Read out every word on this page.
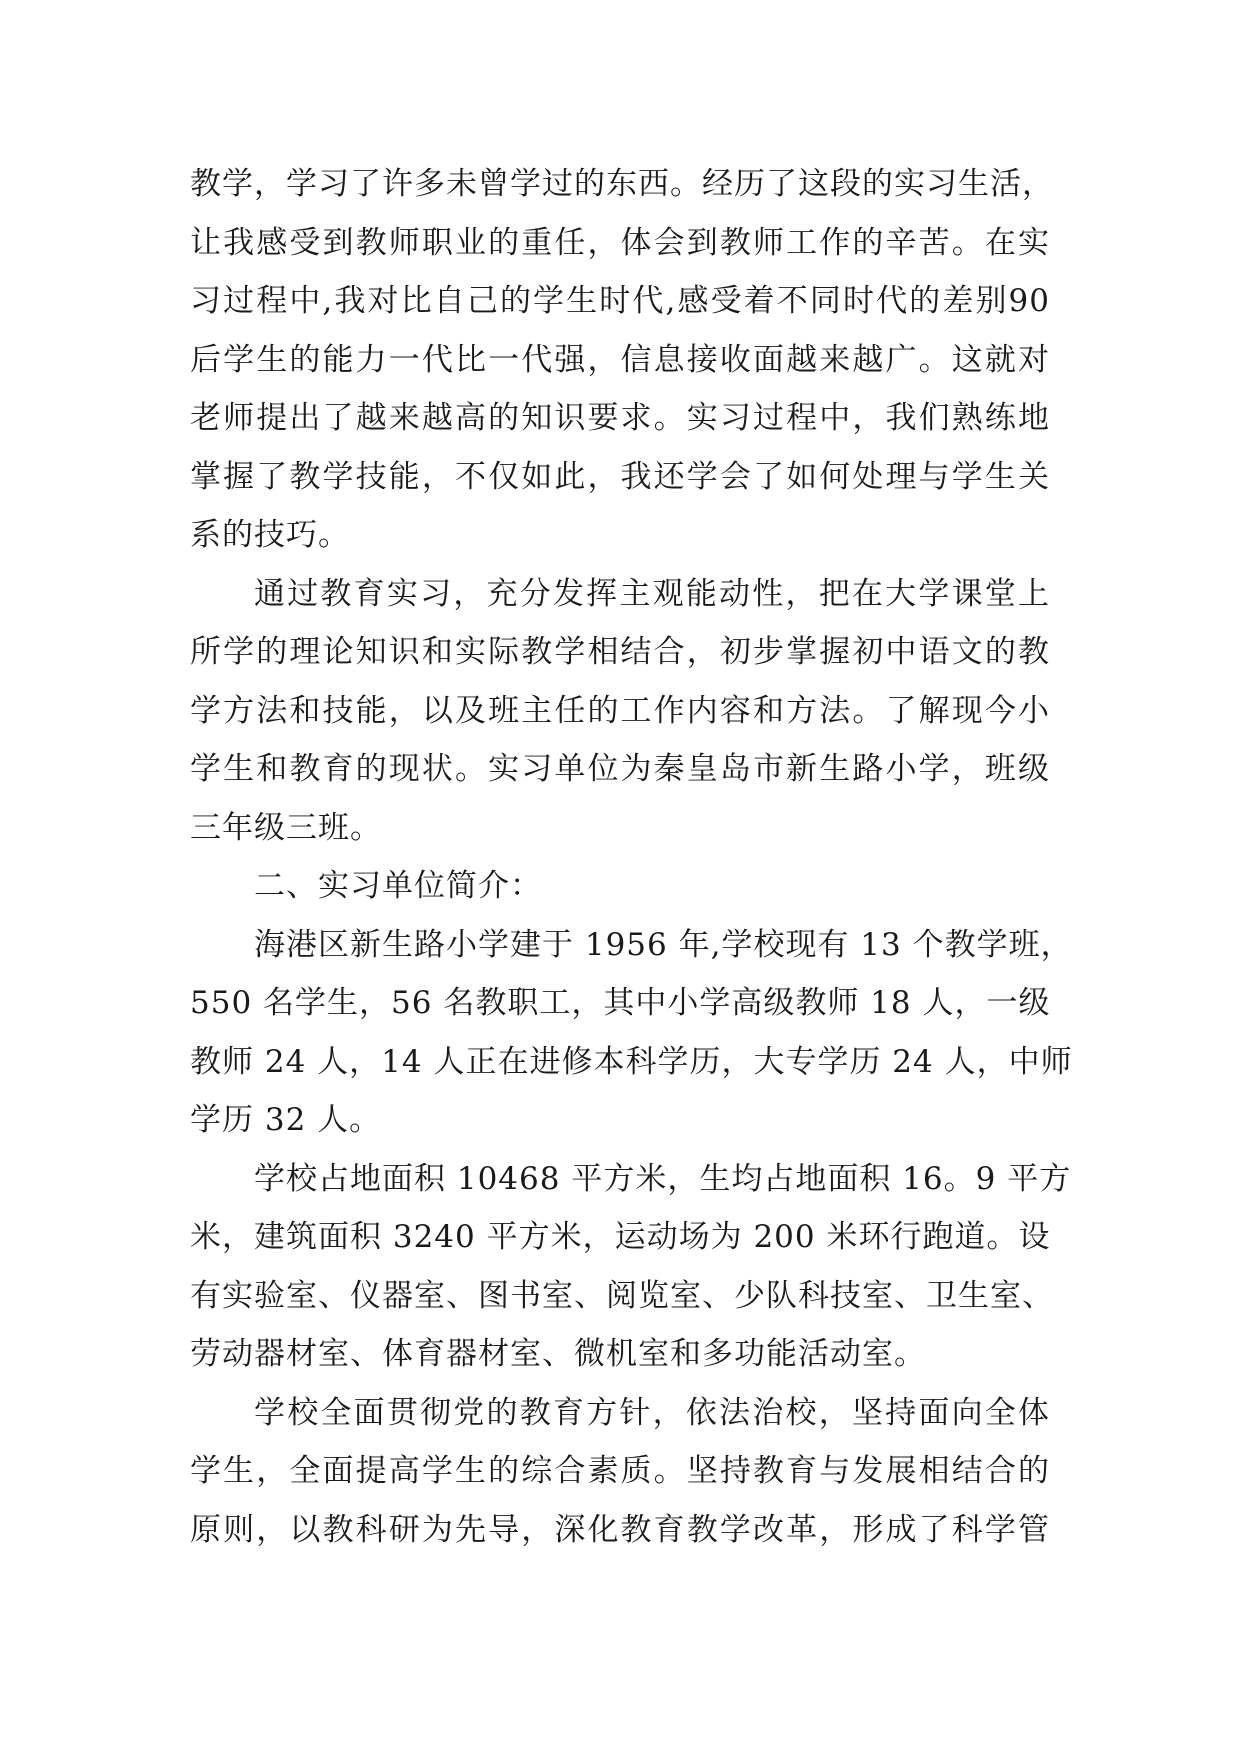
教学，学习了许多未曾学过的东西。经历了这段的实习生活，
让我感受到教师职业的重任，体会到教师工作的辛苦。在实
习过程中,我对比自己的学生时代,感受着不同时代的差别90
后学生的能力一代比一代强，信息接收面越来越广。这就对
老师提出了越来越高的知识要求。实习过程中，我们熟练地
掌握了教学技能，不仅如此，我还学会了如何处理与学生关
系的技巧。
通过教育实习，充分发挥主观能动性，把在大学课堂上
所学的理论知识和实际教学相结合，初步掌握初中语文的教
学方法和技能，以及班主任的工作内容和方法。了解现今小
学生和教育的现状。实习单位为秦皇岛市新生路小学，班级
三年级三班。
二、实习单位简介：
海港区新生路小学建于 1956 年,学校现有 13 个教学班，
550 名学生，56 名教职工，其中小学高级教师 18 人，一级
教师 24 人，14 人正在进修本科学历，大专学历 24 人，中师
学历 32 人。
学校占地面积 10468 平方米，生均占地面积 16。9 平方
米，建筑面积 3240 平方米，运动场为 200 米环行跑道。设
有实验室、仪器室、图书室、阅览室、少队科技室、卫生室、
劳动器材室、体育器材室、微机室和多功能活动室。
学校全面贯彻党的教育方针，依法治校，坚持面向全体
学生，全面提高学生的综合素质。坚持教育与发展相结合的
原则，以教科研为先导，深化教育教学改革，形成了科学管
